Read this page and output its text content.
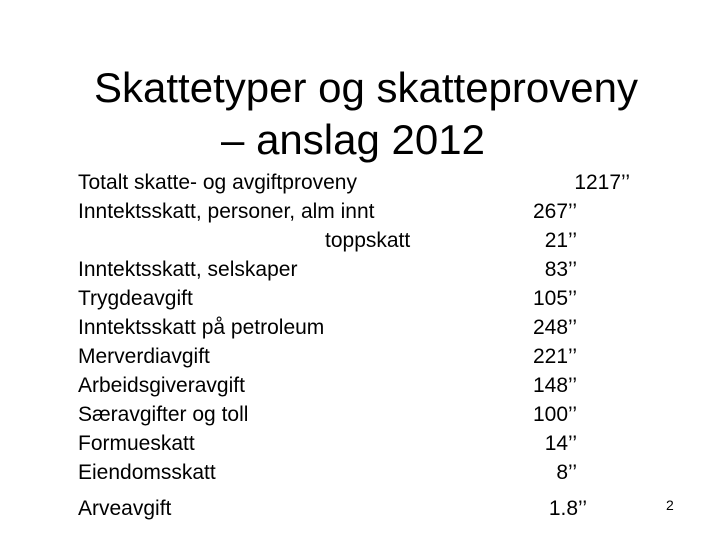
Skattetyper og skatteproveny
– anslag 2012
Totalt skatte- og avgiftproveny	1217’’
Inntektsskatt, personer, alm innt	267’’
toppskatt	21’’
Inntektsskatt, selskaper	83’’
Trygdeavgift	105’’
Inntektsskatt på petroleum	248’’
Merverdiavgift	221’’
Arbeidsgiveravgift	148’’
Særavgifter og toll	100’’
Formueskatt	14’’
Eiendomsskatt	8’’
Arveavgift	1.8’’	2
